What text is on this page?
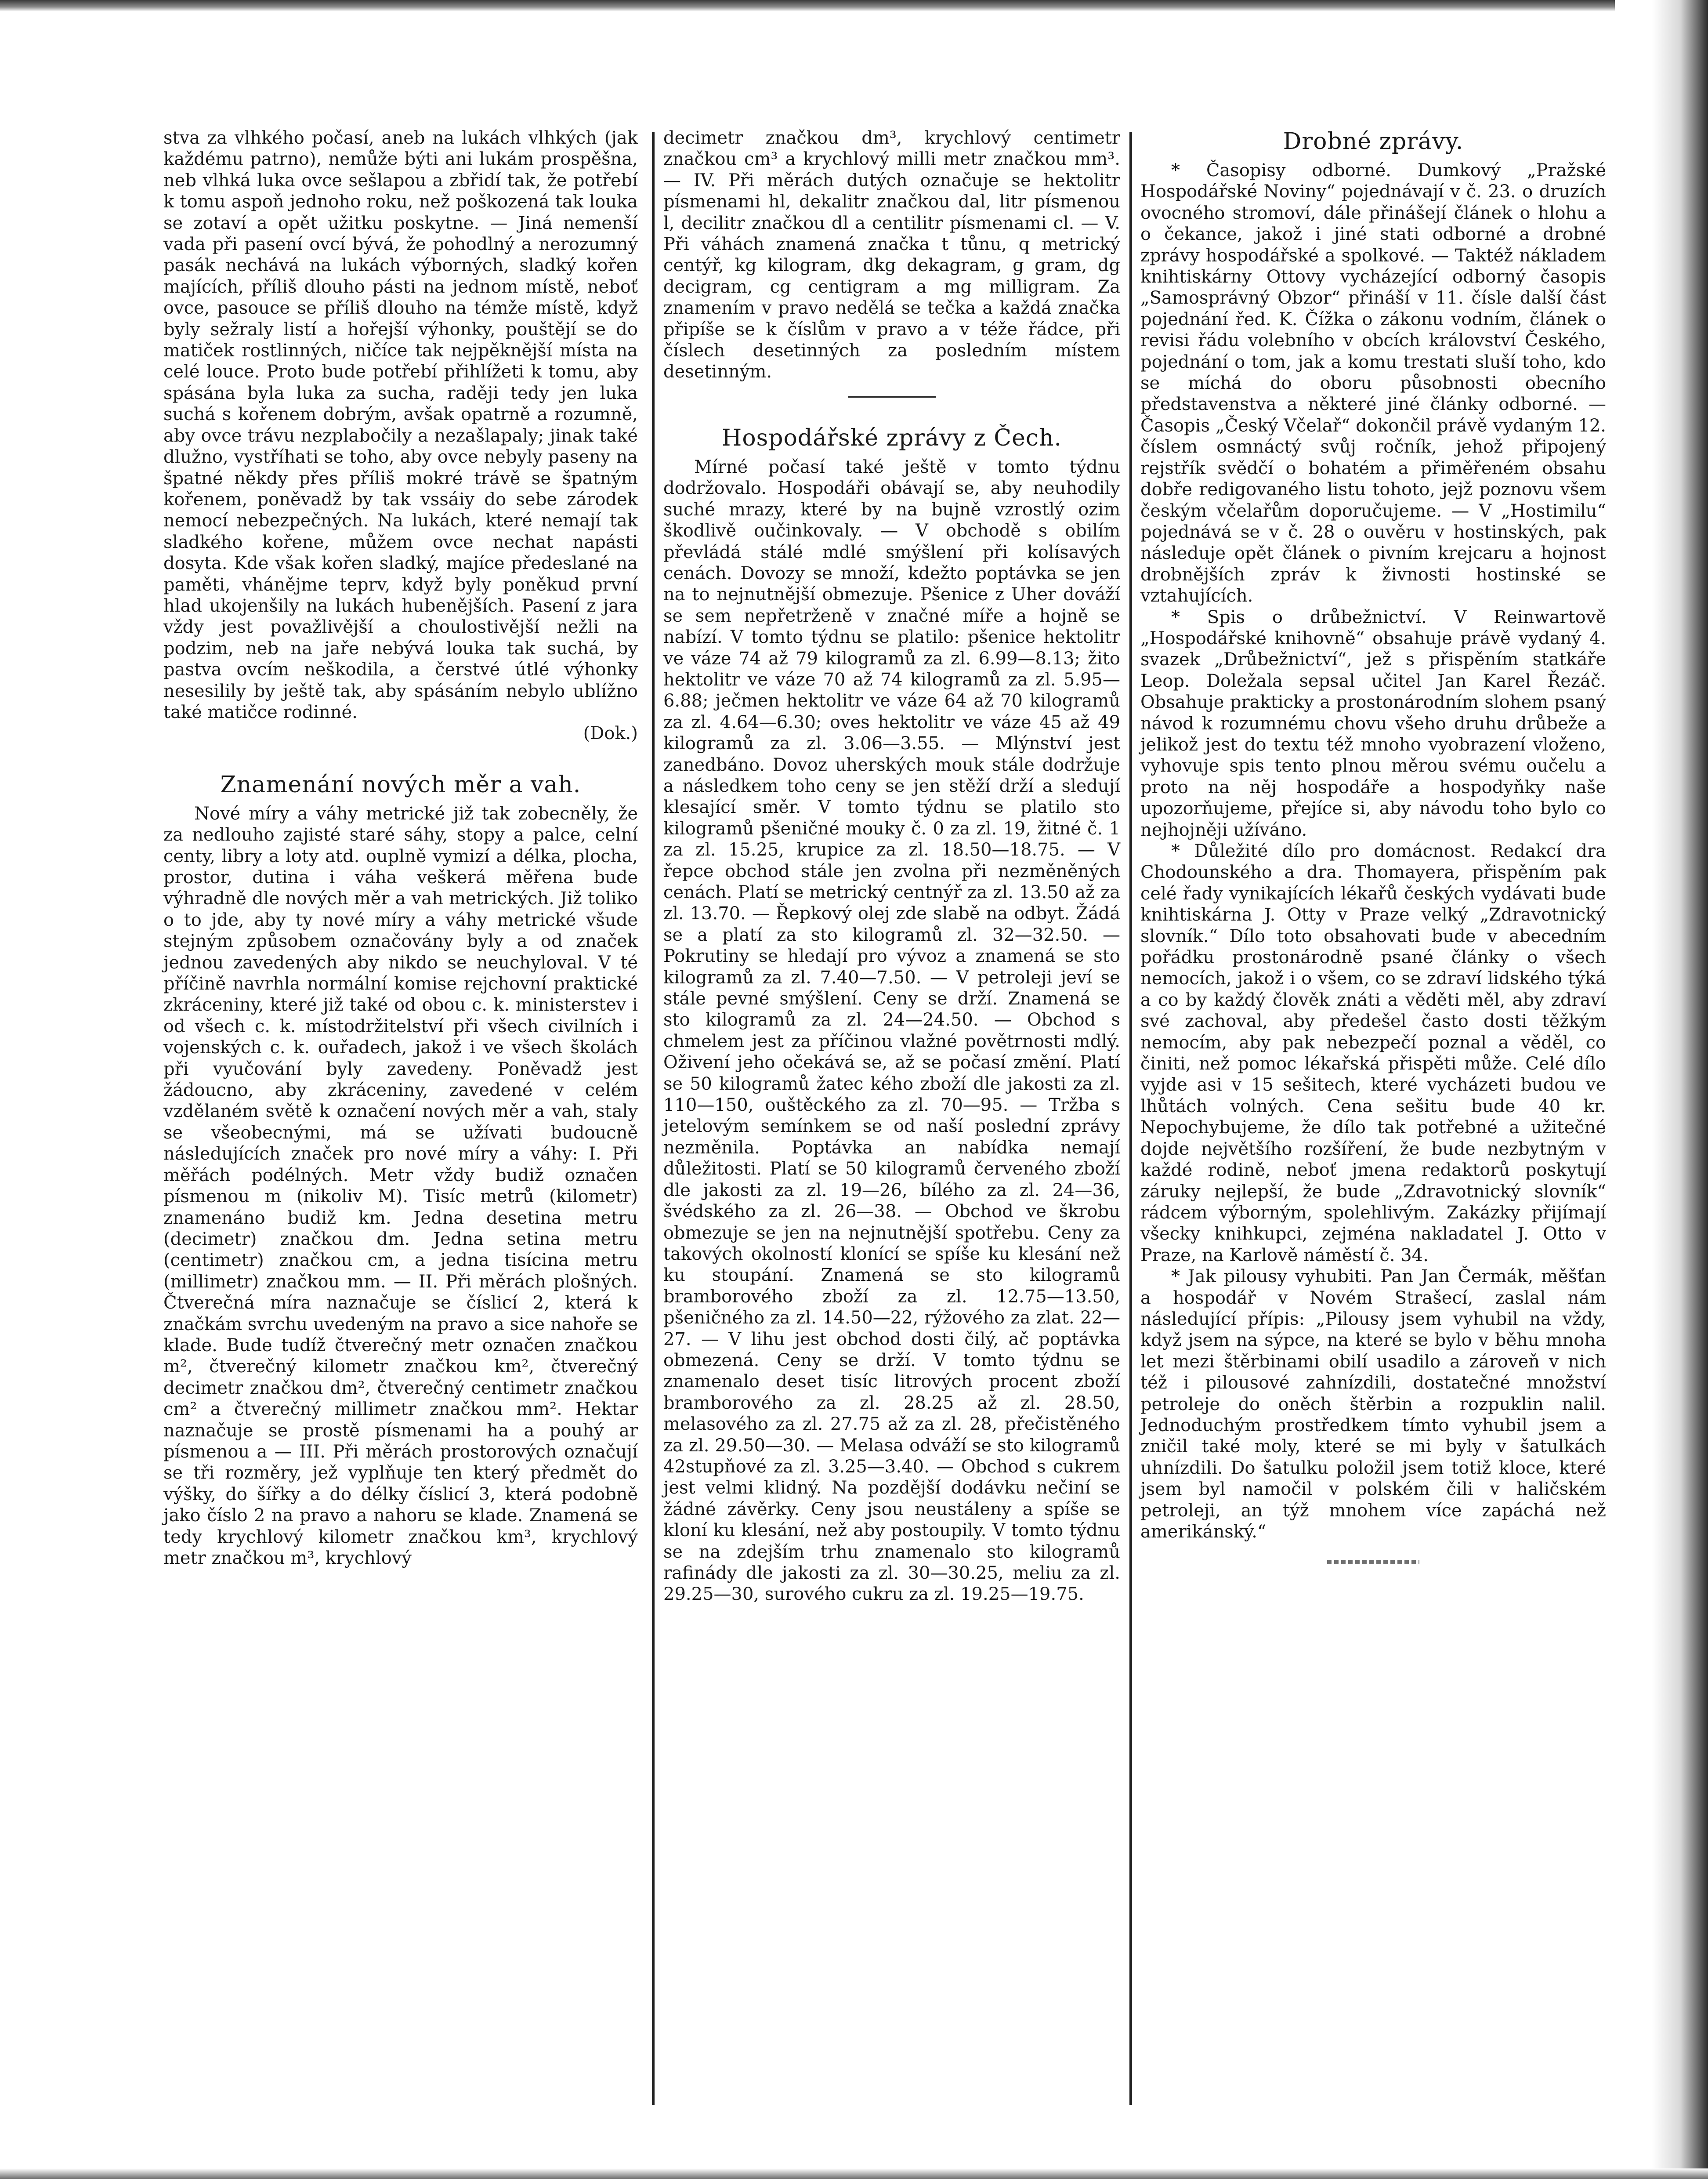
stva za vlhkého počasí, aneb na lukách vlhkých (jak každému patrno), nemůže býti ani lukám prospěšna, neb vlhká luka ovce sešlapou a zbřidí tak, že potřebí k tomu aspoň jednoho roku, než poškozená tak louka se zotaví a opět užitku poskytne. — Jiná nemenší vada při pasení ovcí bývá, že pohodlný a nerozumný pasák nechává na lukách výborných, sladký kořen majících, příliš dlouho pásti na jednom místě, neboť ovce, pasouce se příliš dlouho na témže místě, když byly sežraly listí a hořejší výhonky, pouštějí se do matiček rostlinných, ničíce tak nejpěknější místa na celé louce. Proto bude potřebí přihlížeti k tomu, aby spásána byla luka za sucha, raději tedy jen luka suchá s kořenem dobrým, avšak opatrně a rozumně, aby ovce trávu nezplabočily a nezašlapaly; jinak také dlužno, vystříhati se toho, aby ovce nebyly paseny na špatné někdy přes příliš mokré trávě se špatným kořenem, poněvadž by tak vssáiy do sebe zárodek nemocí nebezpečných. Na lukách, které nemají tak sladkého kořene, můžem ovce nechat napásti dosyta. Kde však kořen sladký, majíce předeslané na paměti, vhánějme teprv, když byly poněkud první hlad ukojenšily na lukách hubenějších. Pasení z jara vždy jest považlivější a choulostivější nežli na podzim, neb na jaře nebývá louka tak suchá, by pastva ovcím neškodila, a čerstvé útlé výhonky nesesilily by ještě tak, aby spásáním nebylo ublížno také matičce rodinné.

(Dok.)

Znamenání nových měr a vah.

Nové míry a váhy metrické již tak zobecněly, že za nedlouho zajisté staré sáhy, stopy a palce, celní centy, libry a loty atd. ouplně vymizí a délka, plocha, prostor, dutina i váha veškerá měřena bude výhradně dle nových měr a vah metrických. Již toliko o to jde, aby ty nové míry a váhy metrické všude stejným způsobem označovány byly a od značek jednou zavedených aby nikdo se neuchyloval. V té příčině navrhla normální komise rejchovní praktické zkráceniny, které již také od obou c. k. ministerstev i od všech c. k. místodržitelství při všech civilních i vojenských c. k. ouřadech, jakož i ve všech školách při vyučování byly zavedeny. Poněvadž jest žádoucno, aby zkráceniny, zavedené v celém vzdělaném světě k označení nových měr a vah, staly se všeobecnými, má se užívati budoucně následujících značek pro nové míry a váhy: I. Při měřách podélných. Metr vždy budiž označen písmenou m (nikoliv M). Tisíc metrů (kilometr) znamenáno budiž km. Jedna desetina metru (decimetr) značkou dm. Jedna setina metru (centimetr) značkou cm, a jedna tisícina metru (millimetr) značkou mm. — II. Při měrách plošných. Čtverečná míra naznačuje se číslicí 2, která k značkám svrchu uvedeným na pravo a sice nahoře se klade. Bude tudíž čtverečný metr označen značkou m², čtverečný kilometr značkou km², čtverečný decimetr značkou dm², čtverečný centimetr značkou cm² a čtverečný millimetr značkou mm². Hektar naznačuje se prostě písmenami ha a pouhý ar písmenou a — III. Při měrách prostorových označují se tři rozměry, jež vyplňuje ten který předmět do výšky, do šířky a do délky číslicí 3, která podobně jako číslo 2 na pravo a nahoru se klade. Znamená se tedy krychlový kilometr značkou km³, krychlový metr značkou m³, krychlový

decimetr značkou dm³, krychlový centimetr značkou cm³ a krychlový milli metr značkou mm³. — IV. Při měrách dutých označuje se hektolitr písmenami hl, dekalitr značkou dal, litr písmenou l, decilitr značkou dl a centilitr písmenami cl. — V. Při váhách znamená značka t tůnu, q metrický centýř, kg kilogram, dkg dekagram, g gram, dg decigram, cg centigram a mg milligram. Za znamením v pravo nedělá se tečka a každá značka připíše se k číslům v pravo a v téže řádce, při číslech desetinných za posledním místem desetinným.

Hospodářské zprávy z Čech.

Mírné počasí také ještě v tomto týdnu dodržovalo. Hospodáři obávají se, aby neuhodily suché mrazy, které by na bujně vzrostlý ozim škodlivě oučinkovaly. — V obchodě s obilím převládá stálé mdlé smýšlení při kolísavých cenách. Dovozy se množí, kdežto poptávka se jen na to nejnutnější obmezuje. Pšenice z Uher dováží se sem nepřetrženě v značné míře a hojně se nabízí. V tomto týdnu se platilo: pšenice hektolitr ve váze 74 až 79 kilogramů za zl. 6.99—8.13; žito hektolitr ve váze 70 až 74 kilogramů za zl. 5.95—6.88; ječmen hektolitr ve váze 64 až 70 kilogramů za zl. 4.64—6.30; oves hektolitr ve váze 45 až 49 kilogramů za zl. 3.06—3.55. — Mlýnství jest zanedbáno. Dovoz uherských mouk stále dodržuje a následkem toho ceny se jen stěží drží a sledují klesající směr. V tomto týdnu se platilo sto kilogramů pšeničné mouky č. 0 za zl. 19, žitné č. 1 za zl. 15.25, krupice za zl. 18.50—18.75. — V řepce obchod stále jen zvolna při nezměněných cenách. Platí se metrický centnýř za zl. 13.50 až za zl. 13.70. — Řepkový olej zde slabě na odbyt. Žádá se a platí za sto kilogramů zl. 32—32.50. — Pokrutiny se hledají pro vývoz a znamená se sto kilogramů za zl. 7.40—7.50. — V petroleji jeví se stále pevné smýšlení. Ceny se drží. Znamená se sto kilogramů za zl. 24—24.50. — Obchod s chmelem jest za příčinou vlažné povětrnosti mdlý. Oživení jeho očekává se, až se počasí změní. Platí se 50 kilogramů žatec kého zboží dle jakosti za zl. 110—150, ouštěckého za zl. 70—95. — Tržba s jetelovým semínkem se od naší poslední zprávy nezměnila. Poptávka an nabídka nemají důležitosti. Platí se 50 kilogramů červeného zboží dle jakosti za zl. 19—26, bílého za zl. 24—36, švédského za zl. 26—38. — Obchod ve škrobu obmezuje se jen na nejnutnější spotřebu. Ceny za takových okolností klonící se spíše ku klesání než ku stoupání. Znamená se sto kilogramů bramborového zboží za zl. 12.75—13.50, pšeničného za zl. 14.50—22, rýžového za zlat. 22—27. — V lihu jest obchod dosti čilý, ač poptávka obmezená. Ceny se drží. V tomto týdnu se znamenalo deset tisíc litrových procent zboží bramborového za zl. 28.25 až zl. 28.50, melasového za zl. 27.75 až za zl. 28, přečistěného za zl. 29.50—30. — Melasa odváží se sto kilogramů 42stupňové za zl. 3.25—3.40. — Obchod s cukrem jest velmi klidný. Na pozdější dodávku nečiní se žádné závěrky. Ceny jsou neustáleny a spíše se kloní ku klesání, než aby postoupily. V tomto týdnu se na zdejším trhu znamenalo sto kilogramů rafinády dle jakosti za zl. 30—30.25, meliu za zl. 29.25—30, surového cukru za zl. 19.25—19.75.

Drobné zprávy.

* Časopisy odborné. Dumkový „Pražské Hospodářské Noviny“ pojednávají v č. 23. o druzích ovocného stromoví, dále přinášejí článek o hlohu a o čekance, jakož i jiné stati odborné a drobné zprávy hospodářské a spolkové. — Taktéž nákladem knihtiskárny Ottovy vycházející odborný časopis „Samosprávný Obzor“ přináší v 11. čísle další část pojednání řed. K. Čížka o zákonu vodním, článek o revisi řádu volebního v obcích království Českého, pojednání o tom, jak a komu trestati sluší toho, kdo se míchá do oboru působnosti obecního představenstva a některé jiné články odborné. — Časopis „Český Včelař“ dokončil právě vydaným 12. číslem osmnáctý svůj ročník, jehož připojený rejstřík svědčí o bohatém a přiměřeném obsahu dobře redigovaného listu tohoto, jejž poznovu všem českým včelařům doporučujeme. — V „Hostimilu“ pojednává se v č. 28 o ouvěru v hostinských, pak následuje opět článek o pivním krejcaru a hojnost drobnějších zpráv k živnosti hostinské se vztahujících.

* Spis o drůbežnictví. V Reinwartově „Hospodářské knihovně“ obsahuje právě vydaný 4. svazek „Drůbežnictví“, jež s přispěním statkáře Leop. Doležala sepsal učitel Jan Karel Řezáč. Obsahuje prakticky a prostonárodním slohem psaný návod k rozumnému chovu všeho druhu drůbeže a jelikož jest do textu též mnoho vyobrazení vloženo, vyhovuje spis tento plnou měrou svému oučelu a proto na něj hospodáře a hospodyňky naše upozorňujeme, přejíce si, aby návodu toho bylo co nejhojněji užíváno.

* Důležité dílo pro domácnost. Redakcí dra Chodounského a dra. Thomayera, přispěním pak celé řady vynikajících lékařů českých vydávati bude knihtiskárna J. Otty v Praze velký „Zdravotnický slovník.“ Dílo toto obsahovati bude v abecedním pořádku prostonárodně psané články o všech nemocích, jakož i o všem, co se zdraví lidského týká a co by každý člověk znáti a věděti měl, aby zdraví své zachoval, aby předešel často dosti těžkým nemocím, aby pak nebezpečí poznal a věděl, co činiti, než pomoc lékařská přispěti může. Celé dílo vyjde asi v 15 sešitech, které vycházeti budou ve lhůtách volných. Cena sešitu bude 40 kr. Nepochybujeme, že dílo tak potřebné a užitečné dojde největšího rozšíření, že bude nezbytným v každé rodině, neboť jmena redaktorů poskytují záruky nejlepší, že bude „Zdravotnický slovník“ rádcem výborným, spolehlivým. Zakázky přijímají všecky knihkupci, zejména nakladatel J. Otto v Praze, na Karlově náměstí č. 34.

* Jak pilousy vyhubiti. Pan Jan Čermák, měšťan a hospodář v Novém Strašecí, zaslal nám následující přípis: „Pilousy jsem vyhubil na vždy, když jsem na sýpce, na které se bylo v běhu mnoha let mezi štěrbinami obilí usadilo a zároveň v nich též i pilousové zahnízdili, dostatečné množství petroleje do oněch štěrbin a rozpuklin nalil. Jednoduchým prostředkem tímto vyhubil jsem a zničil také moly, které se mi byly v šatulkách uhnízdili. Do šatulku položil jsem totiž kloce, které jsem byl namočil v polském čili v haličském petroleji, an týž mnohem více zapáchá než amerikánský.“
